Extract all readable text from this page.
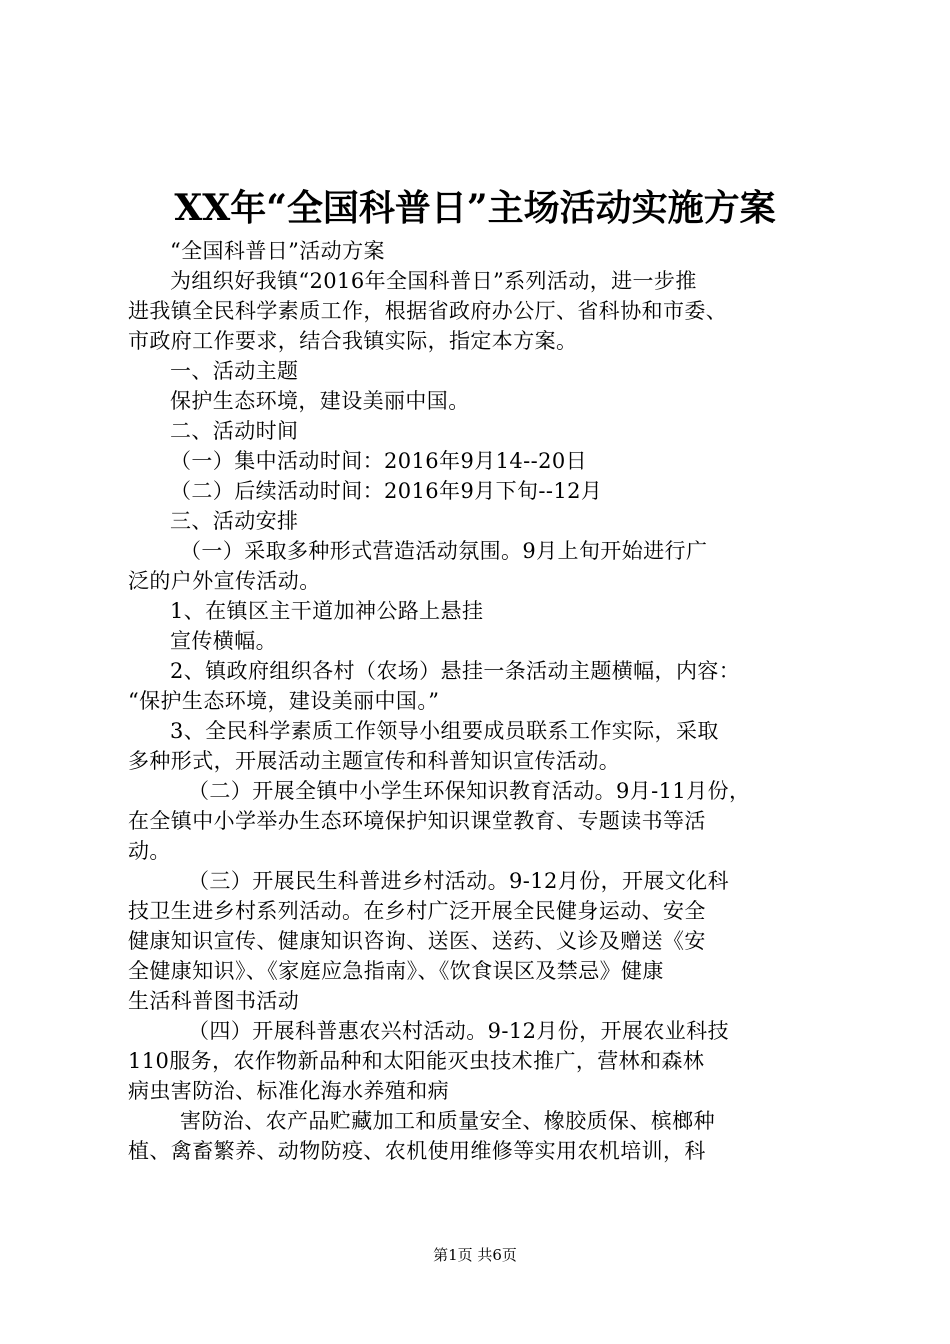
XX年“全国科普日”主场活动实施方案
“全国科普日”活动方案
为组织好我镇“2016年全国科普日”系列活动，进一步推
进我镇全民科学素质工作，根据省政府办公厅、省科协和市委、
市政府工作要求，结合我镇实际，指定本方案。
一、活动主题
保护生态环境，建设美丽中国。
二、活动时间
（一）集中活动时间：2016年9月14--20日
（二）后续活动时间：2016年9月下旬--12月
三、活动安排
（一）采取多种形式营造活动氛围。9月上旬开始进行广
泛的户外宣传活动。
1、在镇区主干道加神公路上悬挂
宣传横幅。
2、镇政府组织各村（农场）悬挂一条活动主题横幅，内容：
“保护生态环境，建设美丽中国。”
3、全民科学素质工作领导小组要成员联系工作实际，采取
多种形式，开展活动主题宣传和科普知识宣传活动。
（二）开展全镇中小学生环保知识教育活动。9月-11月份，
在全镇中小学举办生态环境保护知识课堂教育、专题读书等活
动。
（三）开展民生科普进乡村活动。9-12月份，开展文化科
技卫生进乡村系列活动。在乡村广泛开展全民健身运动、安全
健康知识宣传、健康知识咨询、送医、送药、义诊及赠送《安
全健康知识》、《家庭应急指南》、《饮食误区及禁忌》健康
生活科普图书活动
（四）开展科普惠农兴村活动。9-12月份，开展农业科技
110服务，农作物新品种和太阳能灭虫技术推广，营林和森林
病虫害防治、标准化海水养殖和病
害防治、农产品贮藏加工和质量安全、橡胶质保、槟榔种
植、禽畜繁养、动物防疫、农机使用维修等实用农机培训，科
第1页 共6页
